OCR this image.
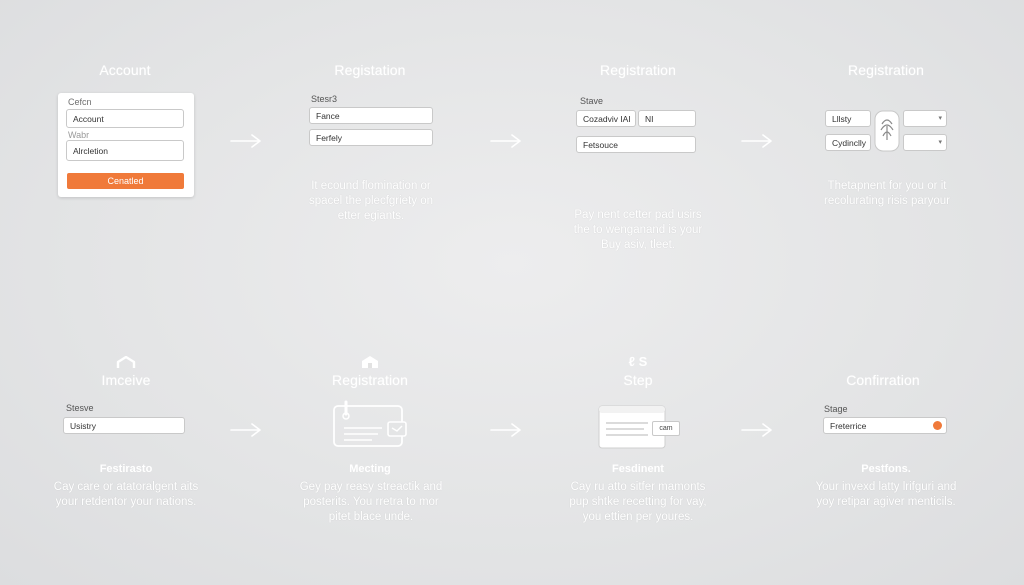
Account
Cefcn
Account
Wabr
Alrcletion
Cenatled
Registation
Stesr3
Fance
Ferfely
It ecound flomination or
spacel the plecfgriety on
etter egiants.
Registration
Stave
Cozadviv IAI	NI
Fetsouce
Pay nent cetter pad usirs
the to wenganand is your
Buy asiv, tleet.
Registration
Lllsty
Cydinclly
▾
▾
Thetapnent for you or it
recolurating risis paryour
Imceive
Stesve
Usistry
Festirasto
Cay care or atatoralgent aits
your retdentor your nations.
Registration
Mecting
Gey pay reasy streactik and
posterits. You rretra to mor
pitet blace unde.
ℓ S
Step
cam
Fesdinent
Cay ru atto sitfer mamonts
pup shtke recetting for vay,
you ettien per youres.
Confirration
Stage
Freterrice
Pestfons.
Your invexd latty lrifguri and
yoy retipar agiver menticils.
